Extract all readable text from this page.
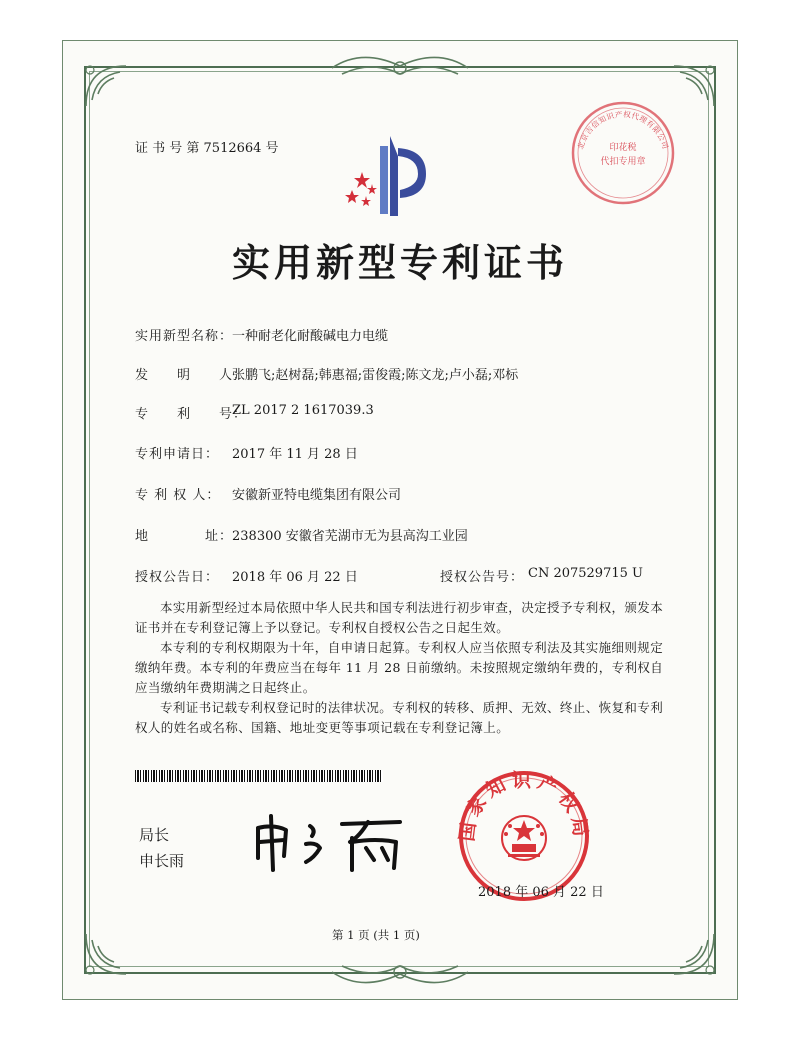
证 书 号 第 7512664 号	印花税
代扣专用章
北京吉信知识产权代理有限公司
实用新型专利证书
实用新型名称：
一种耐老化耐酸碱电力电缆
发　　明　　人：
张鹏飞;赵树磊;韩惠福;雷俊霞;陈文龙;卢小磊;邓标
专　　利　　号：
ZL 2017 2 1617039.3
专利申请日： 2017 年 11 月 28 日
专 利 权 人： 安徽新亚特电缆集团有限公司
地　　　　址：
238300 安徽省芜湖市无为县高沟工业园
授权公告日： 2018 年 06 月 22 日	授权公告号： CN 207529715 U
本实用新型经过本局依照中华人民共和国专利法进行初步审查，决定授予专利权，颁发本证书并在专利登记簿上予以登记。专利权自授权公告之日起生效。
本专利的专利权期限为十年，自申请日起算。专利权人应当依照专利法及其实施细则规定缴纳年费。本专利的年费应当在每年 11 月 28 日前缴纳。未按照规定缴纳年费的，专利权自应当缴纳年费期满之日起终止。
专利证书记载专利权登记时的法律状况。专利权的转移、质押、无效、终止、恢复和专利权人的姓名或名称、国籍、地址变更等事项记载在专利登记簿上。
局长
申长雨
国家知识产权局
2018 年 06 月 22 日
第 1 页 (共 1 页)
